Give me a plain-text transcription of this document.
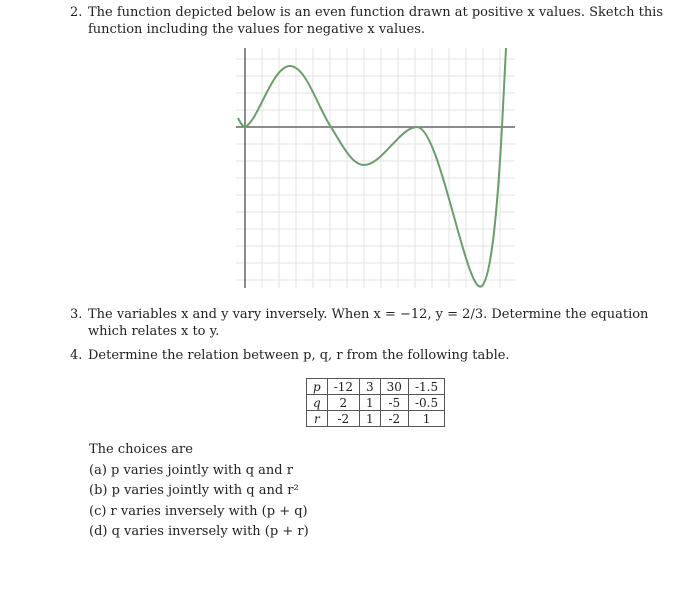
2. The function depicted below is an even function drawn at positive x values. Sketch this function including the values for negative x values.
3. The variables x and y vary inversely. When x = −12, y = 2/3. Determine the equation which relates x to y.
4. Determine the relation between p, q, r from the following table.
p	-12	3	30	-1.5
q	2	1	-5	-0.5
r	-2	1	-2	1
The choices are
(a) p varies jointly with q and r
(b) p varies jointly with q and r²
(c) r varies inversely with (p + q)
(d) q varies inversely with (p + r)
